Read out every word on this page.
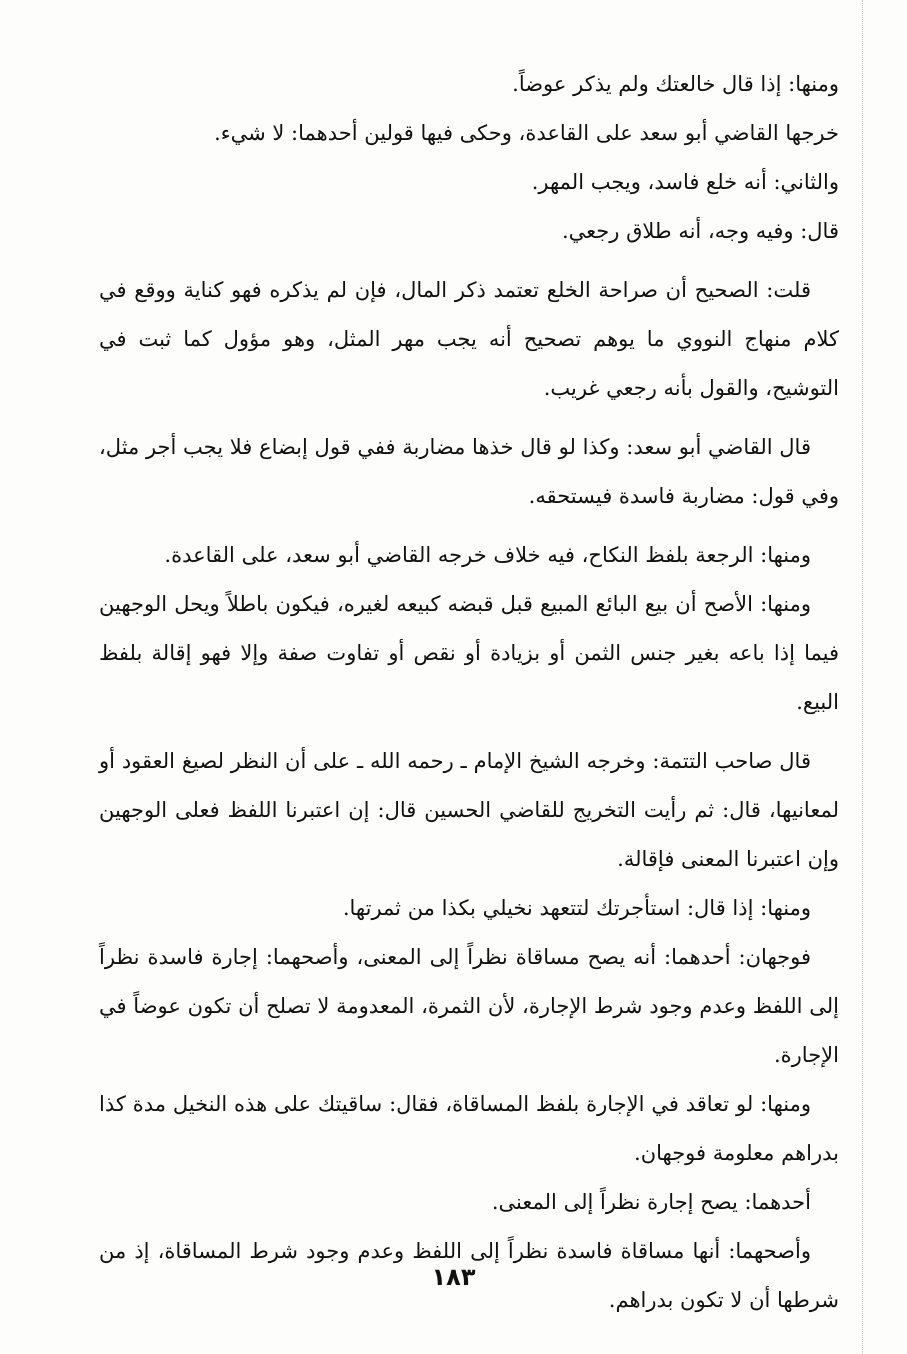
ومنها: إذا قال خالعتك ولم يذكر عوضاً.

خرجها القاضي أبو سعد على القاعدة، وحكى فيها قولين أحدهما: لا شيء.

والثاني: أنه خلع فاسد، ويجب المهر.

قال: وفيه وجه، أنه طلاق رجعي.

قلت: الصحيح أن صراحة الخلع تعتمد ذكر المال، فإن لم يذكره فهو كناية ووقع في كلام منهاج النووي ما يوهم تصحيح أنه يجب مهر المثل، وهو مؤول كما ثبت في التوشيح، والقول بأنه رجعي غريب.

قال القاضي أبو سعد: وكذا لو قال خذها مضاربة ففي قول إبضاع فلا يجب أجر مثل، وفي قول: مضاربة فاسدة فيستحقه.

ومنها: الرجعة بلفظ النكاح، فيه خلاف خرجه القاضي أبو سعد، على القاعدة.

ومنها: الأصح أن بيع البائع المبيع قبل قبضه كبيعه لغيره، فيكون باطلاً ويحل الوجهين فيما إذا باعه بغير جنس الثمن أو بزيادة أو نقص أو تفاوت صفة وإلا فهو إقالة بلفظ البيع.

قال صاحب التتمة: وخرجه الشيخ الإمام ـ رحمه الله ـ على أن النظر لصيغ العقود أو لمعانيها، قال: ثم رأيت التخريج للقاضي الحسين قال: إن اعتبرنا اللفظ فعلى الوجهين وإن اعتبرنا المعنى فإقالة.

ومنها: إذا قال: استأجرتك لتتعهد نخيلي بكذا من ثمرتها.

فوجهان: أحدهما: أنه يصح مساقاة نظراً إلى المعنى، وأصحهما: إجارة فاسدة نظراً إلى اللفظ وعدم وجود شرط الإجارة، لأن الثمرة، المعدومة لا تصلح أن تكون عوضاً في الإجارة.

ومنها: لو تعاقد في الإجارة بلفظ المساقاة، فقال: ساقيتك على هذه النخيل مدة كذا بدراهم معلومة فوجهان.

أحدهما: يصح إجارة نظراً إلى المعنى.

وأصحهما: أنها مساقاة فاسدة نظراً إلى اللفظ وعدم وجود شرط المساقاة، إذ من شرطها أن لا تكون بدراهم.

١٨٣
